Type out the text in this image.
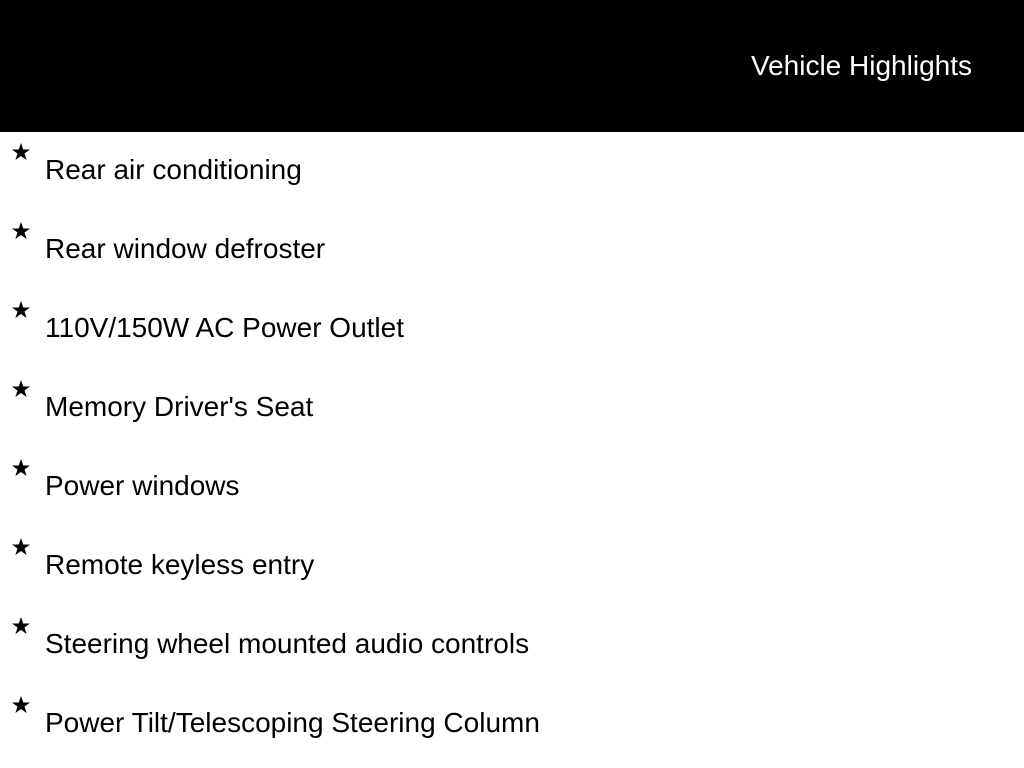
Vehicle Highlights
Rear air conditioning
Rear window defroster
110V/150W AC Power Outlet
Memory Driver's Seat
Power windows
Remote keyless entry
Steering wheel mounted audio controls
Power Tilt/Telescoping Steering Column
